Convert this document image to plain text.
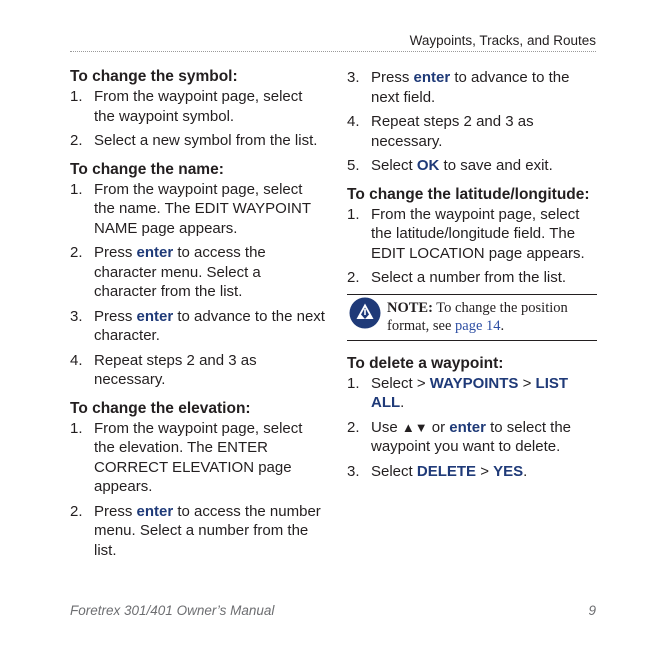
Waypoints, Tracks, and Routes
To change the symbol:
1. From the waypoint page, select the waypoint symbol.
2. Select a new symbol from the list.
To change the name:
1. From the waypoint page, select the name. The EDIT WAYPOINT NAME page appears.
2. Press enter to access the character menu. Select a character from the list.
3. Press enter to advance to the next character.
4. Repeat steps 2 and 3 as necessary.
To change the elevation:
1. From the waypoint page, select the elevation. The ENTER CORRECT ELEVATION page appears.
2. Press enter to access the number menu. Select a number from the list.
3. Press enter to advance to the next field.
4. Repeat steps 2 and 3 as necessary.
5. Select OK to save and exit.
To change the latitude/longitude:
1. From the waypoint page, select the latitude/longitude field. The EDIT LOCATION page appears.
2. Select a number from the list.
NOTE: To change the position format, see page 14.
To delete a waypoint:
1. Select > WAYPOINTS > LIST ALL.
2. Use ▲▼ or enter to select the waypoint you want to delete.
3. Select DELETE > YES.
Foretrex 301/401 Owner’s Manual	9
